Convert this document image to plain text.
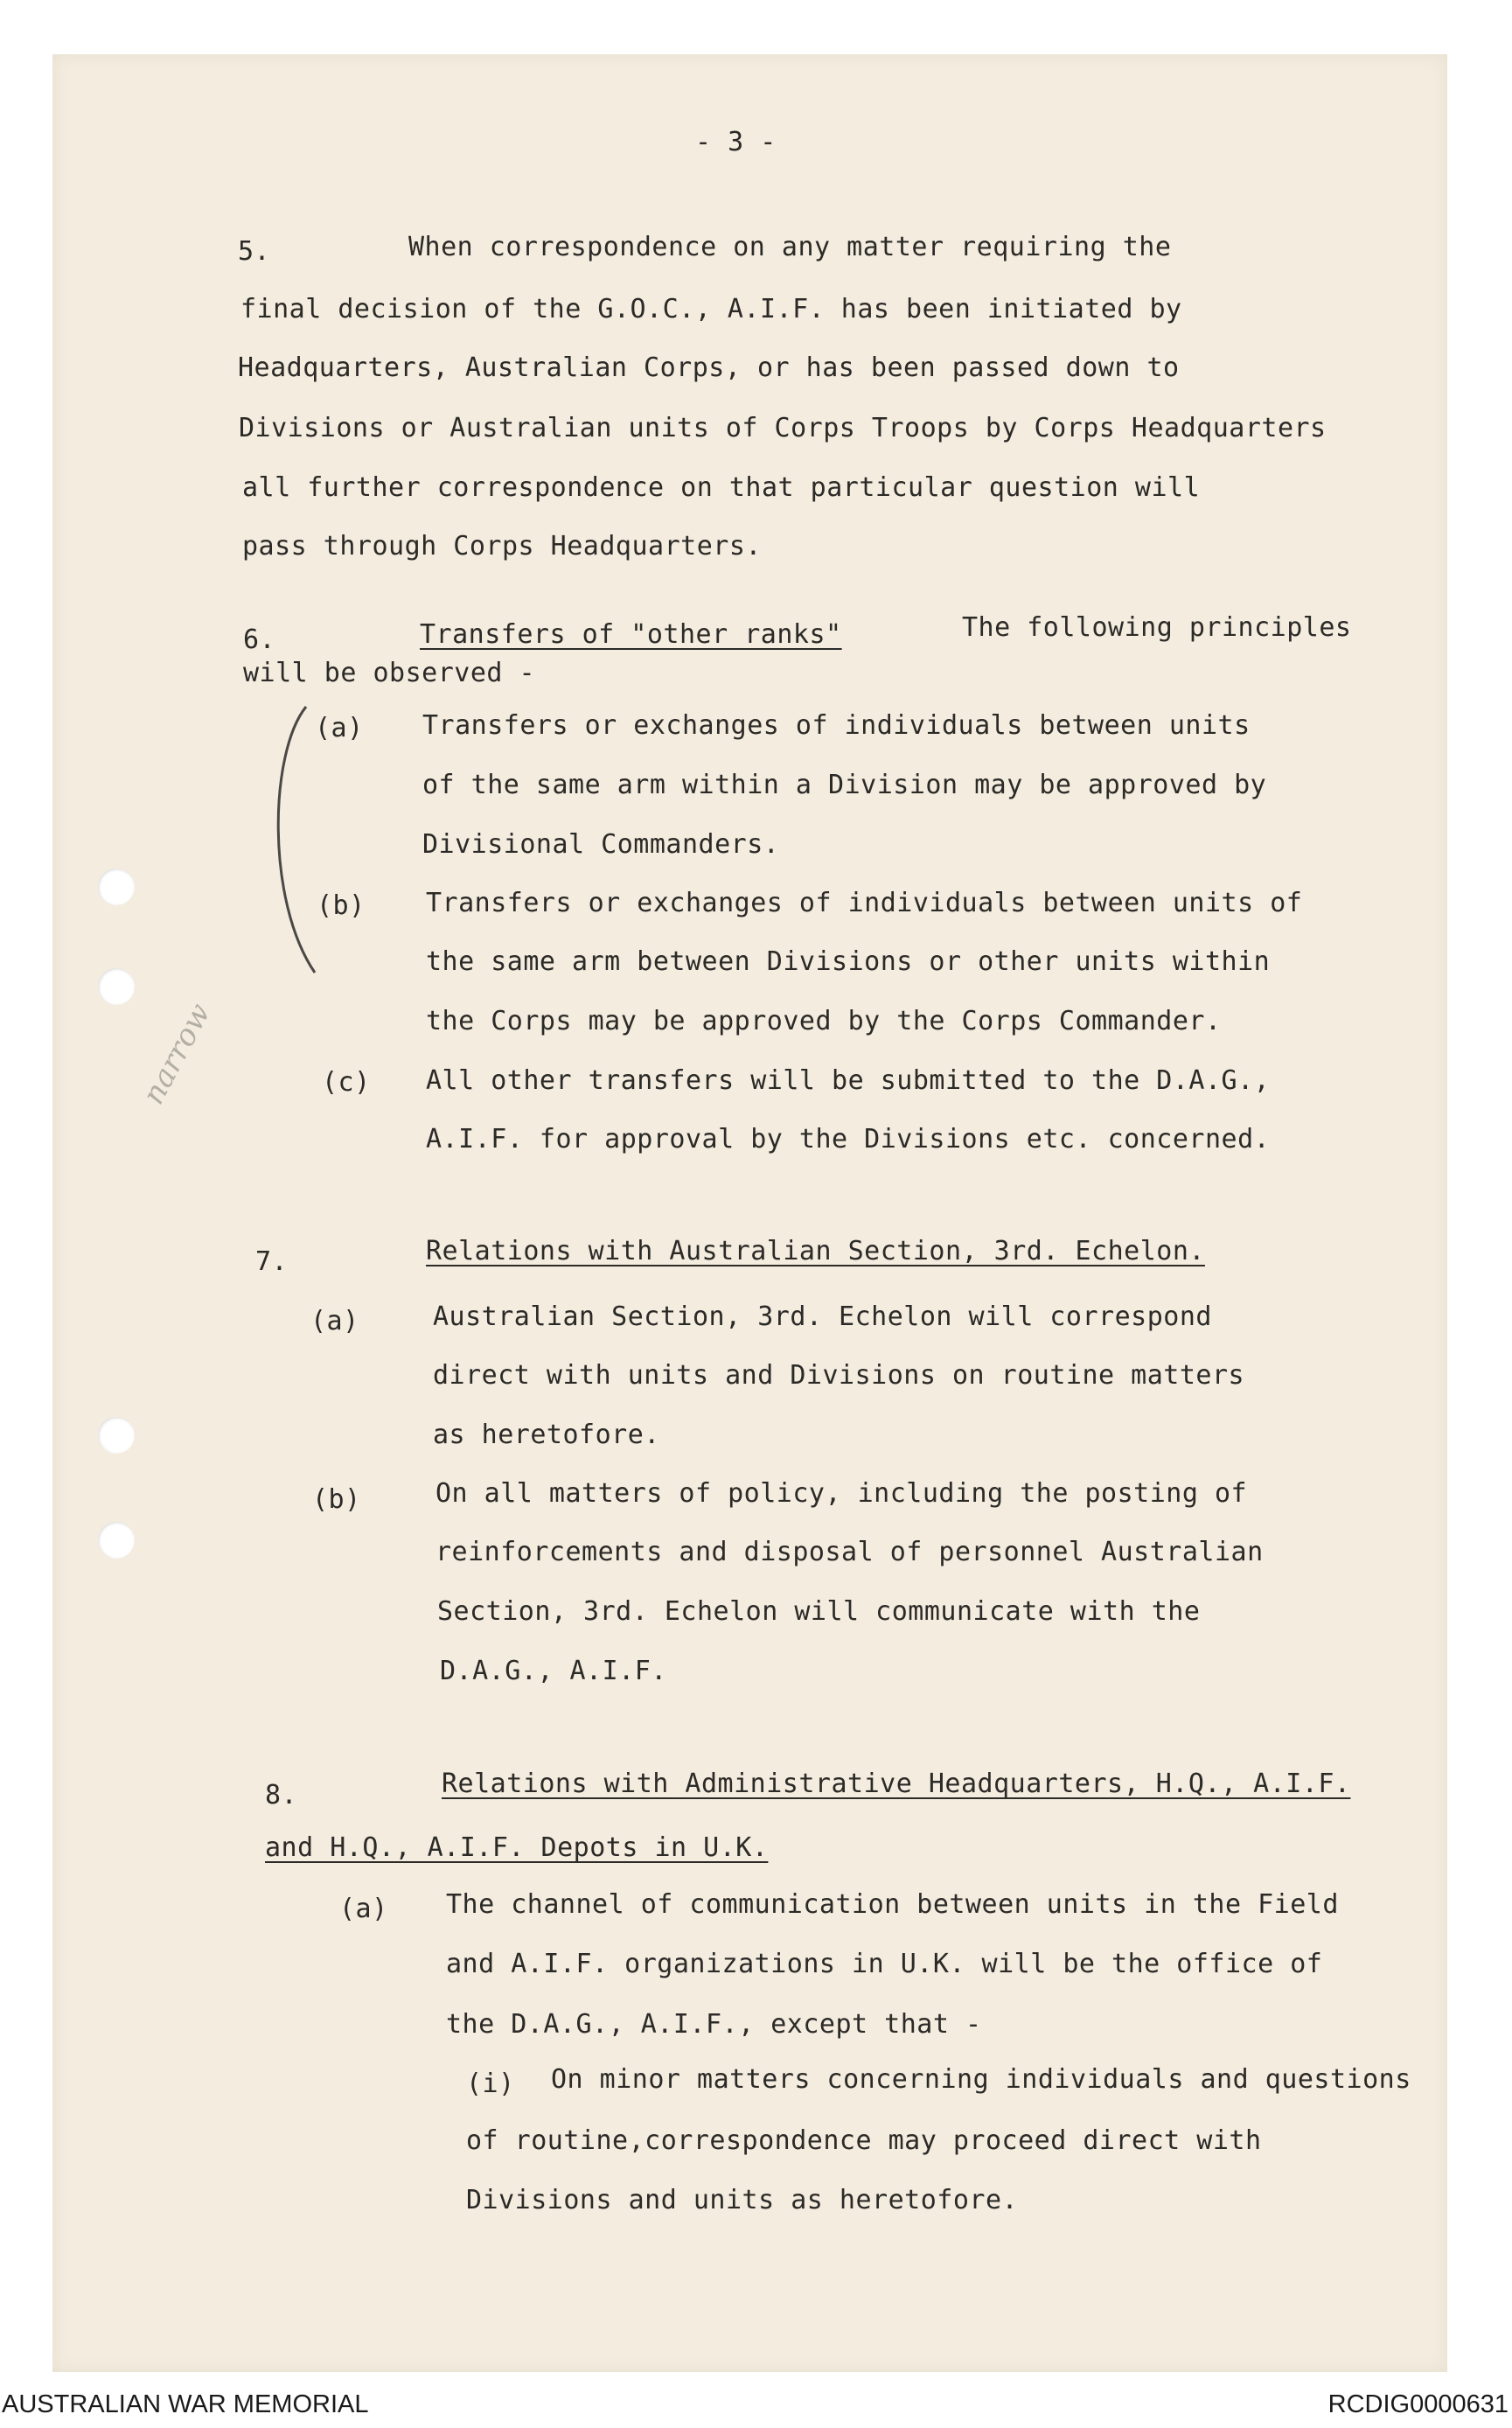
- 3 -
5.	When correspondence on any matter requiring the
final decision of the G.O.C., A.I.F. has been initiated by
Headquarters, Australian Corps, or has been passed down to
Divisions or Australian units of Corps Troops by Corps Headquarters
all further correspondence on that particular question will
pass through Corps Headquarters.
6.	Transfers of "other ranks"	The following principles
will be observed -
narrow
(a) Transfers or exchanges of individuals between units
of the same arm within a Division may be approved by
Divisional Commanders.
(b) Transfers or exchanges of individuals between units of
the same arm between Divisions or other units within
the Corps may be approved by the Corps Commander.
(c) All other transfers will be submitted to the D.A.G.,
A.I.F. for approval by the Divisions etc. concerned.
7.	Relations with Australian Section, 3rd. Echelon.
(a)	Australian Section, 3rd. Echelon will correspond
direct with units and Divisions on routine matters
as heretofore.
(b)	On all matters of policy, including the posting of
reinforcements and disposal of personnel Australian
Section, 3rd. Echelon will communicate with the
D.A.G., A.I.F.
8.	Relations with Administrative Headquarters, H.Q., A.I.F.
and H.Q., A.I.F. Depots in U.K.
(a) The channel of communication between units in the Field
and A.I.F. organizations in U.K. will be the office of
the D.A.G., A.I.F., except that -
(i) On minor matters concerning individuals and questions
of routine,correspondence may proceed direct with
Divisions and units as heretofore.
AUSTRALIAN WAR MEMORIAL	RCDIG0000631
